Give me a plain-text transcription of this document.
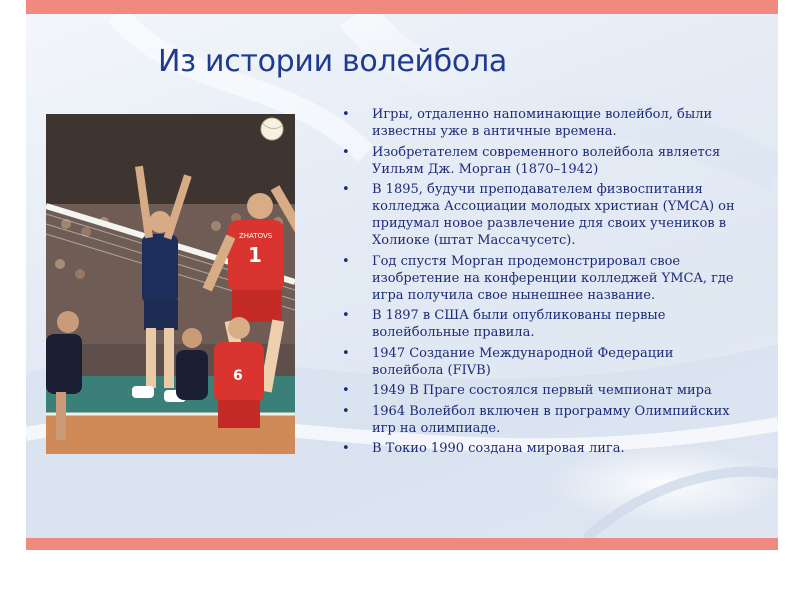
Из истории волейбола
ZHATOVS
1
6
• Игры, отдаленно напоминающие волейбол, были известны уже в античные времена.
• Изобретателем современного волейбола является Уильям Дж. Морган (1870–1942)
• В 1895, будучи преподавателем физвоспитания колледжа Ассоциации молодых христиан (YMCA) он придумал новое развлечение для своих учеников в Холиоке (штат Массачусетс).
• Год спустя Морган продемонстрировал свое изобретение на конференции колледжей YMCA, где игра получила свое нынешнее название.
• В 1897 в США были опубликованы первые волейбольные правила.
• 1947 Создание Международной Федерации волейбола (FIVB)
• 1949 В Праге состоялся первый чемпионат мира
• 1964 Волейбол включен в программу Олимпийских игр на олимпиаде.
• В Токио 1990 создана мировая лига.
